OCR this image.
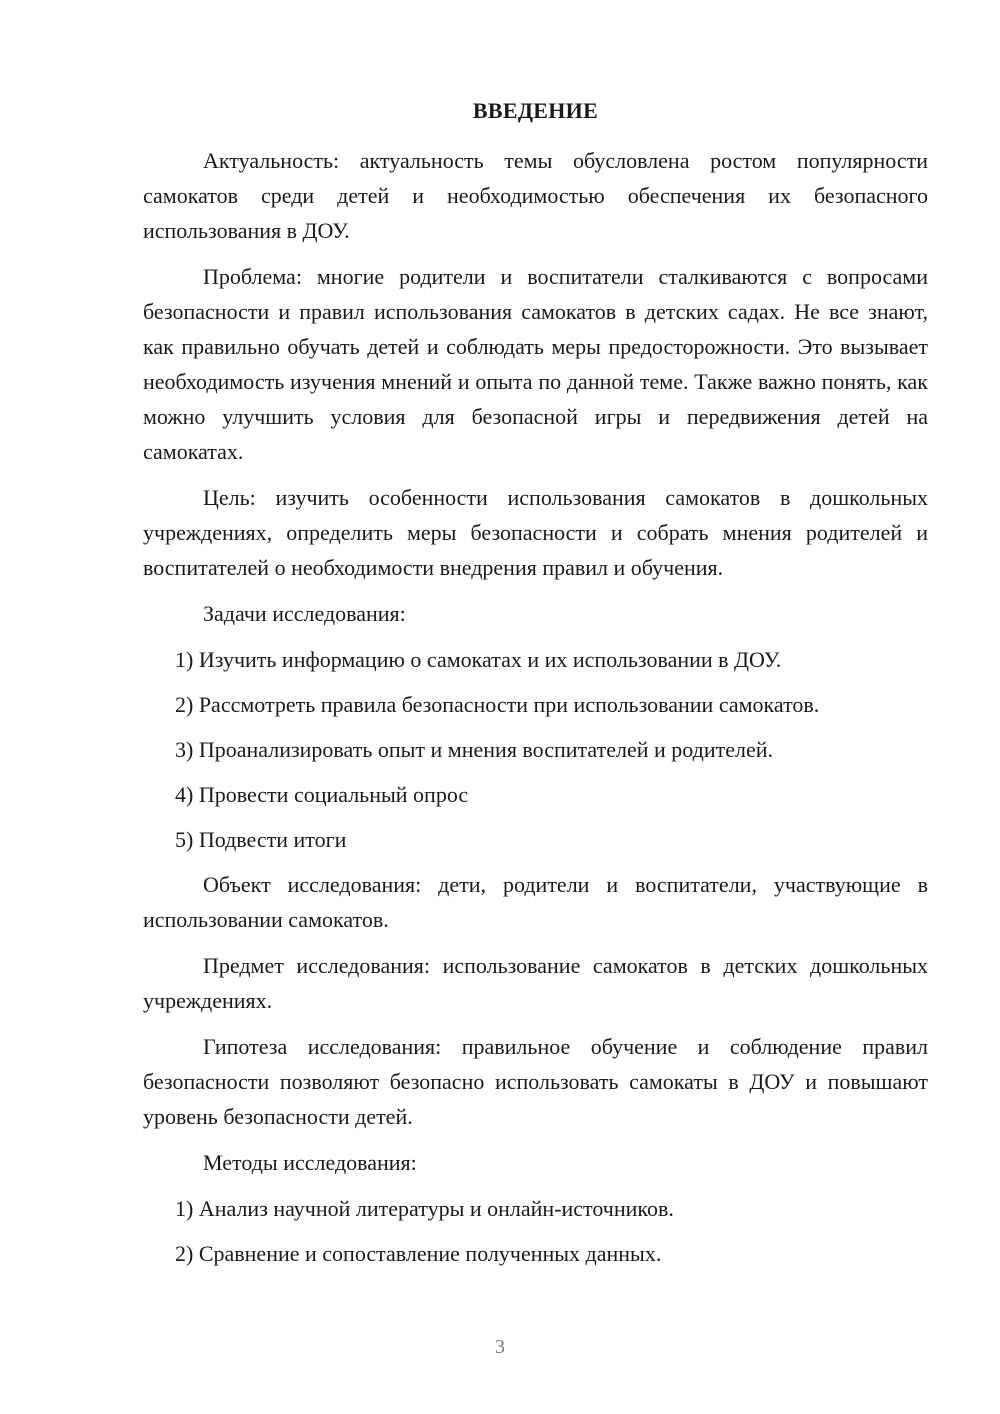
ВВЕДЕНИЕ

Актуальность: актуальность темы обусловлена ростом популярности самокатов среди детей и необходимостью обеспечения их безопасного использования в ДОУ.

Проблема: многие родители и воспитатели сталкиваются с вопросами безопасности и правил использования самокатов в детских садах. Не все знают, как правильно обучать детей и соблюдать меры предосторожности. Это вызывает необходимость изучения мнений и опыта по данной теме. Также важно понять, как можно улучшить условия для безопасной игры и передвижения детей на самокатах.

Цель: изучить особенности использования самокатов в дошкольных учреждениях, определить меры безопасности и собрать мнения родителей и воспитателей о необходимости внедрения правил и обучения.

Задачи исследования:

1) Изучить информацию о самокатах и их использовании в ДОУ.
2) Рассмотреть правила безопасности при использовании самокатов.
3) Проанализировать опыт и мнения воспитателей и родителей.
4) Провести социальный опрос
5) Подвести итоги

Объект исследования: дети, родители и воспитатели, участвующие в использовании самокатов.

Предмет исследования: использование самокатов в детских дошкольных учреждениях.

Гипотеза исследования: правильное обучение и соблюдение правил безопасности позволяют безопасно использовать самокаты в ДОУ и повышают уровень безопасности детей.

Методы исследования:

1) Анализ научной литературы и онлайн-источников.
2) Сравнение и сопоставление полученных данных.
3
